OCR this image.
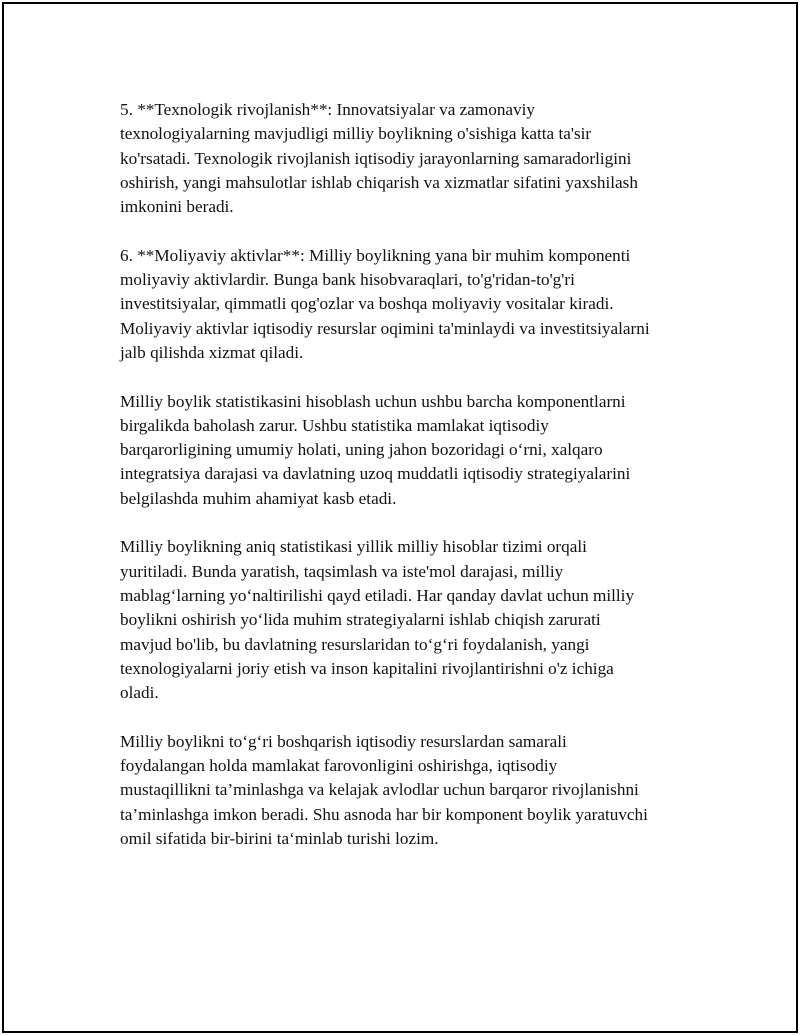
5. **Texnologik rivojlanish**: Innovatsiyalar va zamonaviy
texnologiyalarning mavjudligi milliy boylikning o'sishiga katta ta'sir
ko'rsatadi. Texnologik rivojlanish iqtisodiy jarayonlarning samaradorligini
oshirish, yangi mahsulotlar ishlab chiqarish va xizmatlar sifatini yaxshilash
imkonini beradi.

6. **Moliyaviy aktivlar**: Milliy boylikning yana bir muhim komponenti
moliyaviy aktivlardir. Bunga bank hisobvaraqlari, to'g'ridan-to'g'ri
investitsiyalar, qimmatli qog'ozlar va boshqa moliyaviy vositalar kiradi.
Moliyaviy aktivlar iqtisodiy resurslar oqimini ta'minlaydi va investitsiyalarni
jalb qilishda xizmat qiladi.

Milliy boylik statistikasini hisoblash uchun ushbu barcha komponentlarni
birgalikda baholash zarur. Ushbu statistika mamlakat iqtisodiy
barqarorligining umumiy holati, uning jahon bozoridagi o‘rni, xalqaro
integratsiya darajasi va davlatning uzoq muddatli iqtisodiy strategiyalarini
belgilashda muhim ahamiyat kasb etadi.

Milliy boylikning aniq statistikasi yillik milliy hisoblar tizimi orqali
yuritiladi. Bunda yaratish, taqsimlash va iste'mol darajasi, milliy
mablag‘larning yo‘naltirilishi qayd etiladi. Har qanday davlat uchun milliy
boylikni oshirish yo‘lida muhim strategiyalarni ishlab chiqish zarurati
mavjud bo'lib, bu davlatning resurslaridan to‘g‘ri foydalanish, yangi
texnologiyalarni joriy etish va inson kapitalini rivojlantirishni o'z ichiga
oladi.

Milliy boylikni to‘g‘ri boshqarish iqtisodiy resurslardan samarali
foydalangan holda mamlakat farovonligini oshirishga, iqtisodiy
mustaqillikni ta’minlashga va kelajak avlodlar uchun barqaror rivojlanishni
ta’minlashga imkon beradi. Shu asnoda har bir komponent boylik yaratuvchi
omil sifatida bir-birini ta‘minlab turishi lozim.
